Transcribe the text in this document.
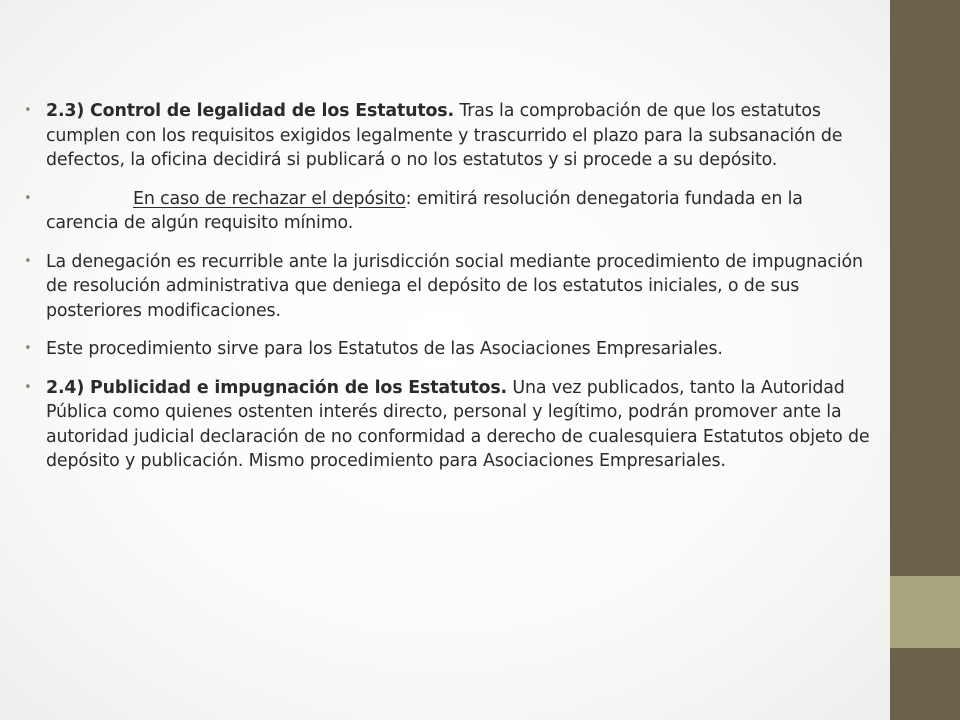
• 2.3) Control de legalidad de los Estatutos. Tras la comprobación de que los estatutos cumplen con los requisitos exigidos legalmente y trascurrido el plazo para la subsanación de defectos, la oficina decidirá si publicará o no los estatutos y si procede a su depósito.
•	En caso de rechazar el depósito: emitirá resolución denegatoria fundada en la carencia de algún requisito mínimo.
• La denegación es recurrible ante la jurisdicción social mediante procedimiento de impugnación de resolución administrativa que deniega el depósito de los estatutos iniciales, o de sus posteriores modificaciones.
• Este procedimiento sirve para los Estatutos de las Asociaciones Empresariales.
• 2.4) Publicidad e impugnación de los Estatutos. Una vez publicados, tanto la Autoridad Pública como quienes ostenten interés directo, personal y legítimo, podrán promover ante la autoridad judicial declaración de no conformidad a derecho de cualesquiera Estatutos objeto de depósito y publicación. Mismo procedimiento para Asociaciones Empresariales.
